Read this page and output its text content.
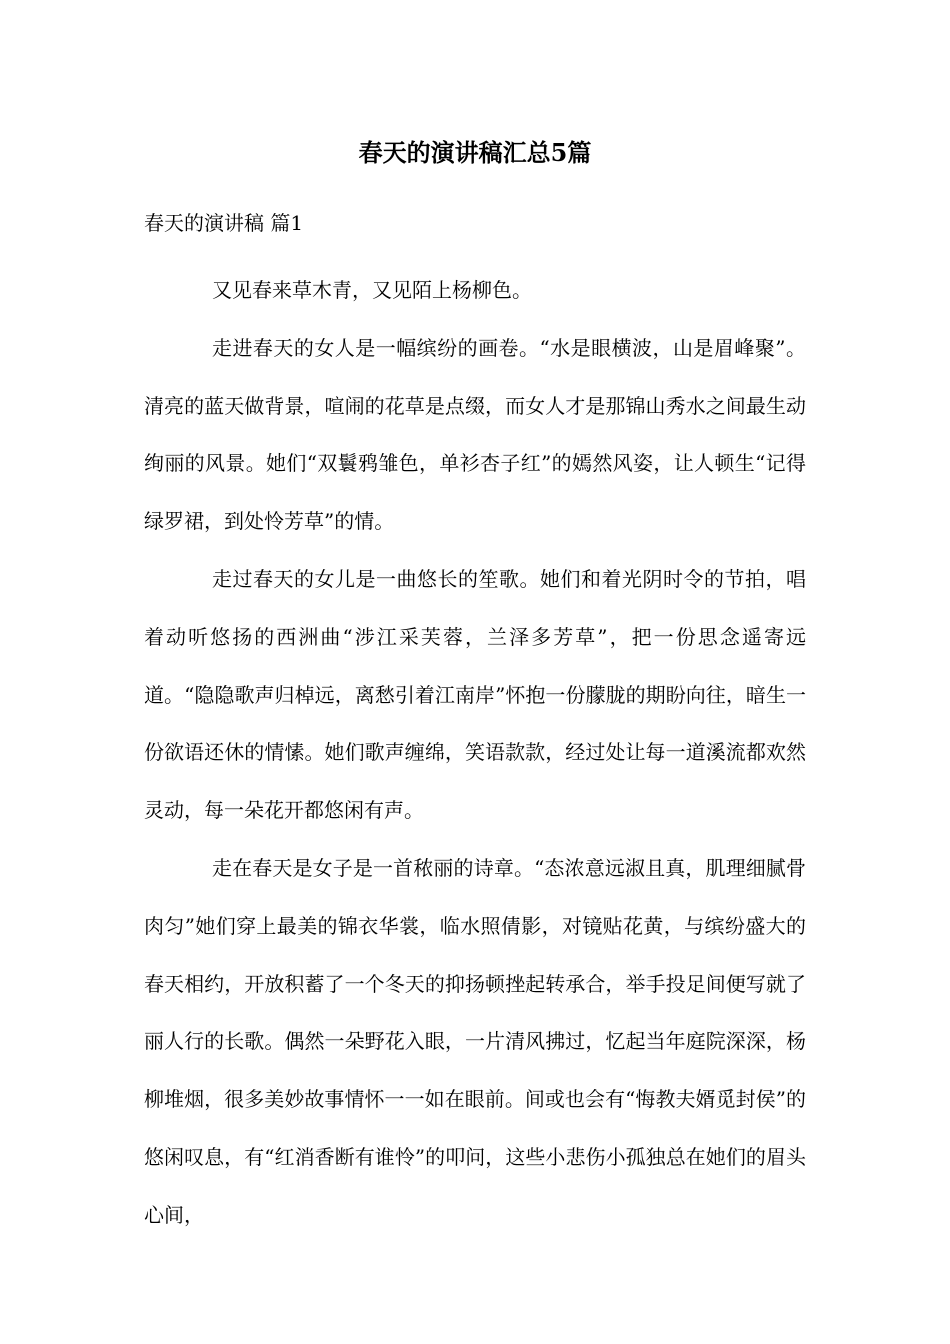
春天的演讲稿汇总5篇
春天的演讲稿 篇1

又见春来草木青，又见陌上杨柳色。

走进春天的女人是一幅缤纷的画卷。“水是眼横波，山是眉峰聚”。清亮的蓝天做背景，喧闹的花草是点缀，而女人才是那锦山秀水之间最生动绚丽的风景。她们“双鬟鸦雏色，单衫杏子红”的嫣然风姿，让人顿生“记得绿罗裙，到处怜芳草”的情。

走过春天的女儿是一曲悠长的笙歌。她们和着光阴时令的节拍，唱着动听悠扬的西洲曲“涉江采芙蓉，兰泽多芳草”，把一份思念遥寄远道。“隐隐歌声归棹远，离愁引着江南岸”怀抱一份朦胧的期盼向往，暗生一份欲语还休的情愫。她们歌声缠绵，笑语款款，经过处让每一道溪流都欢然灵动，每一朵花开都悠闲有声。

走在春天是女子是一首秾丽的诗章。“态浓意远淑且真，肌理细腻骨肉匀”她们穿上最美的锦衣华裳，临水照倩影，对镜贴花黄，与缤纷盛大的春天相约，开放积蓄了一个冬天的抑扬顿挫起转承合，举手投足间便写就了丽人行的长歌。偶然一朵野花入眼，一片清风拂过，忆起当年庭院深深，杨柳堆烟，很多美妙故事情怀一一如在眼前。间或也会有“悔教夫婿觅封侯”的悠闲叹息，有“红消香断有谁怜”的叩问，这些小悲伤小孤独总在她们的眉头心间，
